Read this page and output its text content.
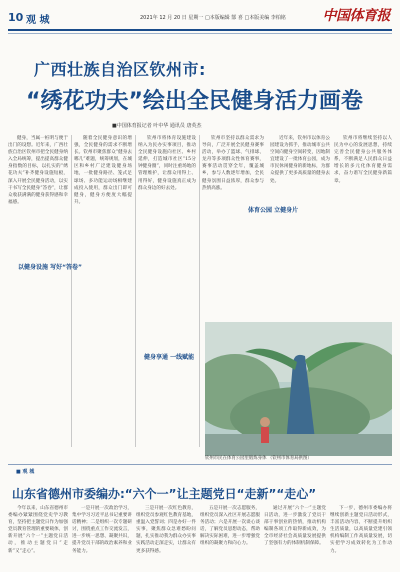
10 观 城	2021年 12 月 20 日 星期一 □本版编辑 郜 喜 □本版美编 李柏铭	中国体育报
广西壮族自治区钦州市:
“绣花功夫”绘出全民健身活力画卷
■中国体育报记者 叶中华 通讯员 唐英杰

健身，当属一桩明与便于出门的设想。近年来，广西壮族自治区钦州市把全民健身纳入全局统筹，提出提高群众健身指数的目标，以扎实的“绣花功夫”补齐健身设施短板，深入开展全民健身活动，以实干书写全民健身“答卷”，让群众收获满满的健身获得感和幸福感。

随着全民健身意识的增强，全民健身的需求不断增长。钦州市聚焦群众“健身去哪儿”难题，统筹规划，在城区和乡村广泛建设健身场地，一批健身路径、笼式足球场、多功能运动场相继建成投入使用，群众出门即可健身，健身方便度大幅提升。

钦州市将体育设施建设纳入为民办实事项目，推动全民健身设施向社区、乡村延伸，打造城市社区“15分钟健身圈”，同时注重场地的管理维护，让群众用得上、用得好，健身设施真正成为群众身边的好去处。

钦州市坚持以群众需求为导向，广泛开展全民健身赛事活动，举办了篮球、气排球、龙舟等多项群众性体育赛事，赛事活动贯穿全年，覆盖城乡，参与人数逐年增加，全民健身氛围日益浓厚，群众参与热情高涨。

近年来，钦州市以体育公园建设为抓手，推动城市公共空间向健身空间转变，因地制宜建设了一批体育公园，成为市民休闲健身的新地标，为群众提供了更多高质量的健身去处。

钦州市将继续坚持以人民为中心的发展思想，持续完善全民健身公共服务体系，不断满足人民群众日益增长的多元化体育健身需求，奋力谱写全民健身新篇章。

以健身设施 写好“答卷”
健身享通 一线赋能
体育公园 立健身片
钦州市民在体育公园里锻炼身体 （钦州市体育局供图）
■ 观 城
山东省德州市委编办:“六个一”让主题党日“走新”“走心”

今年以来，山东省德州市委编办紧紧围绕党史学习教育，坚持把主题党日作为加强党员教育管理的重要载体，创新开展“六个一”主题党日活动，推动主题党日“走新”又“走心”。

一是开展一次政治学习，集中学习习近平总书记重要讲话精神；二是组织一次专题研讨，围绕重点工作交流发言，进一步统一思想、凝聚共识，提升党员干部的政治素养和业务能力。

三是开展一次红色教育，组织党员参观红色教育基地，重温入党誓词；四是办好一件实事，聚焦群众急难愁盼问题，扎实推动我为群众办实事实践活动走深走实，让群众有更多获得感。

五是开展一次志愿服务，组织党员深入社区开展志愿服务活动；六是开展一次谈心谈话，了解党员思想动态，帮助解决实际困难，进一步增强党组织的凝聚力和向心力。

通过开展“六个一”主题党日活动，进一步激发了党员干部干事创业的热情，推动机构编制各项工作取得新成效，为全市经济社会高质量发展提供了坚强有力的体制机制保障。

下一步，德州市委编办将继续创新主题党日活动形式，丰富活动内容，不断提升组织生活质量，以高质量党建引领机构编制工作高质量发展，切实把学习成效转化为工作动力。
